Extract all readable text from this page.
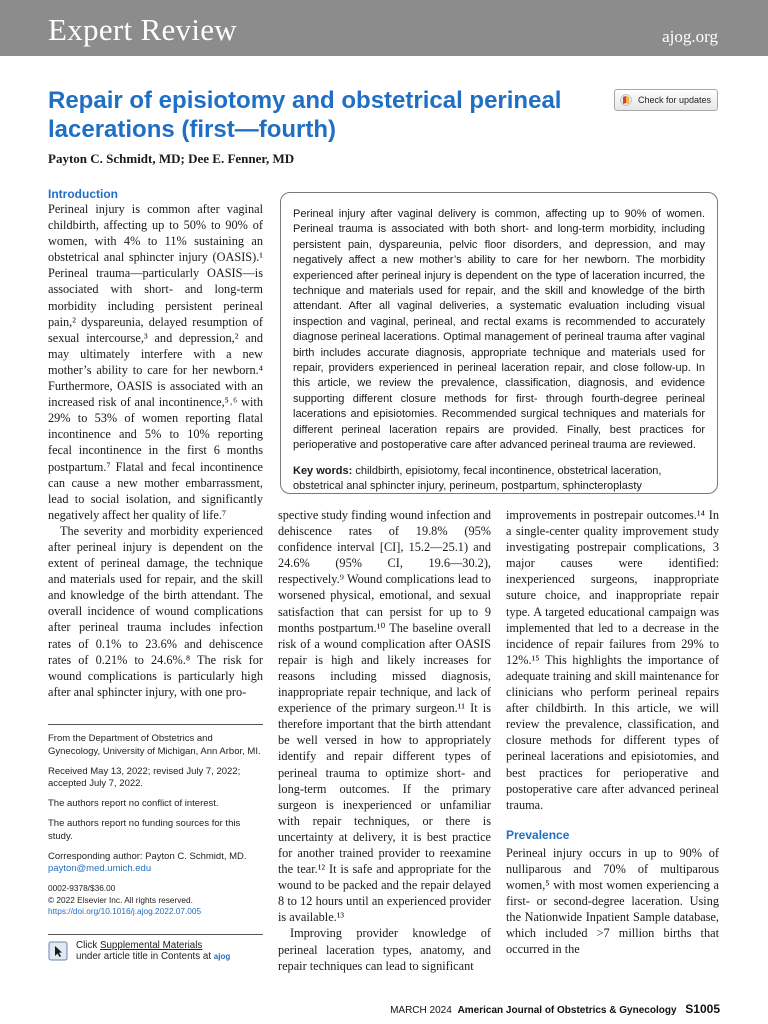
Expert Review	ajog.org
Repair of episiotomy and obstetrical perineal lacerations (first—fourth)
Check for updates
Payton C. Schmidt, MD; Dee E. Fenner, MD
Introduction

Perineal injury is common after vaginal childbirth, affecting up to 50% to 90% of women, with 4% to 11% sustaining an obstetrical anal sphincter injury (OASIS).¹ Perineal trauma—particularly OASIS—is associated with short- and long-term morbidity including persistent perineal pain,² dyspareunia, delayed resumption of sexual intercourse,³ and depression,² and may ultimately interfere with a new mother’s ability to care for her newborn.⁴ Furthermore, OASIS is associated with an increased risk of anal incontinence,⁵˒⁶ with 29% to 53% of women reporting flatal incontinence and 5% to 10% reporting fecal incontinence in the first 6 months postpartum.⁷ Flatal and fecal incontinence can cause a new mother embarrassment, lead to social isolation, and significantly negatively affect her quality of life.⁷

The severity and morbidity experienced after perineal injury is dependent on the extent of perineal damage, the technique and materials used for repair, and the skill and knowledge of the birth attendant. The overall incidence of wound complications after perineal trauma includes infection rates of 0.1% to 23.6% and dehiscence rates of 0.21% to 24.6%.⁸ The risk for wound complications is particularly high after anal sphincter injury, with one pro-

Perineal injury after vaginal delivery is common, affecting up to 90% of women. Perineal trauma is associated with both short- and long-term morbidity, including persistent pain, dyspareunia, pelvic floor disorders, and depression, and may negatively affect a new mother’s ability to care for her newborn. The morbidity experienced after perineal injury is dependent on the type of laceration incurred, the technique and materials used for repair, and the skill and knowledge of the birth attendant. After all vaginal deliveries, a systematic evaluation including visual inspection and vaginal, perineal, and rectal exams is recommended to accurately diagnose perineal lacerations. Optimal management of perineal trauma after vaginal birth includes accurate diagnosis, appropriate technique and materials used for repair, providers experienced in perineal laceration repair, and close follow-up. In this article, we review the prevalence, classification, diagnosis, and evidence supporting different closure methods for first- through fourth-degree perineal lacerations and episiotomies. Recommended surgical techniques and materials for different perineal laceration repairs are provided. Finally, best practices for perioperative and postoperative care after advanced perineal trauma are reviewed.

Key words: childbirth, episiotomy, fecal incontinence, obstetrical laceration, obstetrical anal sphincter injury, perineum, postpartum, sphincteroplasty

spective study finding wound infection and dehiscence rates of 19.8% (95% confidence interval [CI], 15.2—25.1) and 24.6% (95% CI, 19.6—30.2), respectively.⁹ Wound complications lead to worsened physical, emotional, and sexual satisfaction that can persist for up to 9 months postpartum.¹⁰ The baseline overall risk of a wound complication after OASIS repair is high and likely increases for reasons including missed diagnosis, inappropriate repair technique, and lack of experience of the primary surgeon.¹¹ It is therefore important that the birth attendant be well versed in how to appropriately identify and repair different types of perineal trauma to optimize short- and long-term outcomes. If the primary surgeon is inexperienced or unfamiliar with repair techniques, or there is uncertainty at delivery, it is best practice for another trained provider to reexamine the tear.¹² It is safe and appropriate for the wound to be packed and the repair delayed 8 to 12 hours until an experienced provider is available.¹³

Improving provider knowledge of perineal laceration types, anatomy, and repair techniques can lead to significant

improvements in postrepair outcomes.¹⁴ In a single-center quality improvement study investigating postrepair complications, 3 major causes were identified: inexperienced surgeons, inappropriate suture choice, and inappropriate repair type. A targeted educational campaign was implemented that led to a decrease in the incidence of repair failures from 29% to 12%.¹⁵ This highlights the importance of adequate training and skill maintenance for clinicians who perform perineal repairs after childbirth. In this article, we will review the prevalence, classification, and closure methods for different types of perineal lacerations and episiotomies, and best practices for perioperative and postoperative care after advanced perineal trauma.

Prevalence

Perineal injury occurs in up to 90% of nulliparous and 70% of multiparous women,⁵ with most women experiencing a first- or second-degree laceration. Using the Nationwide Inpatient Sample database, which included >7 million births that occurred in the

From the Department of Obstetrics and Gynecology, University of Michigan, Ann Arbor, MI.
Received May 13, 2022; revised July 7, 2022; accepted July 7, 2022.
The authors report no conflict of interest.
The authors report no funding sources for this study.
Corresponding author: Payton C. Schmidt, MD.
payton@med.umich.edu
0002-9378/$36.00
© 2022 Elsevier Inc. All rights reserved.
https://doi.org/10.1016/j.ajog.2022.07.005
Click Supplemental Materials
under article title in Contents at ajog
MARCH 2024 American Journal of Obstetrics & Gynecology S1005
